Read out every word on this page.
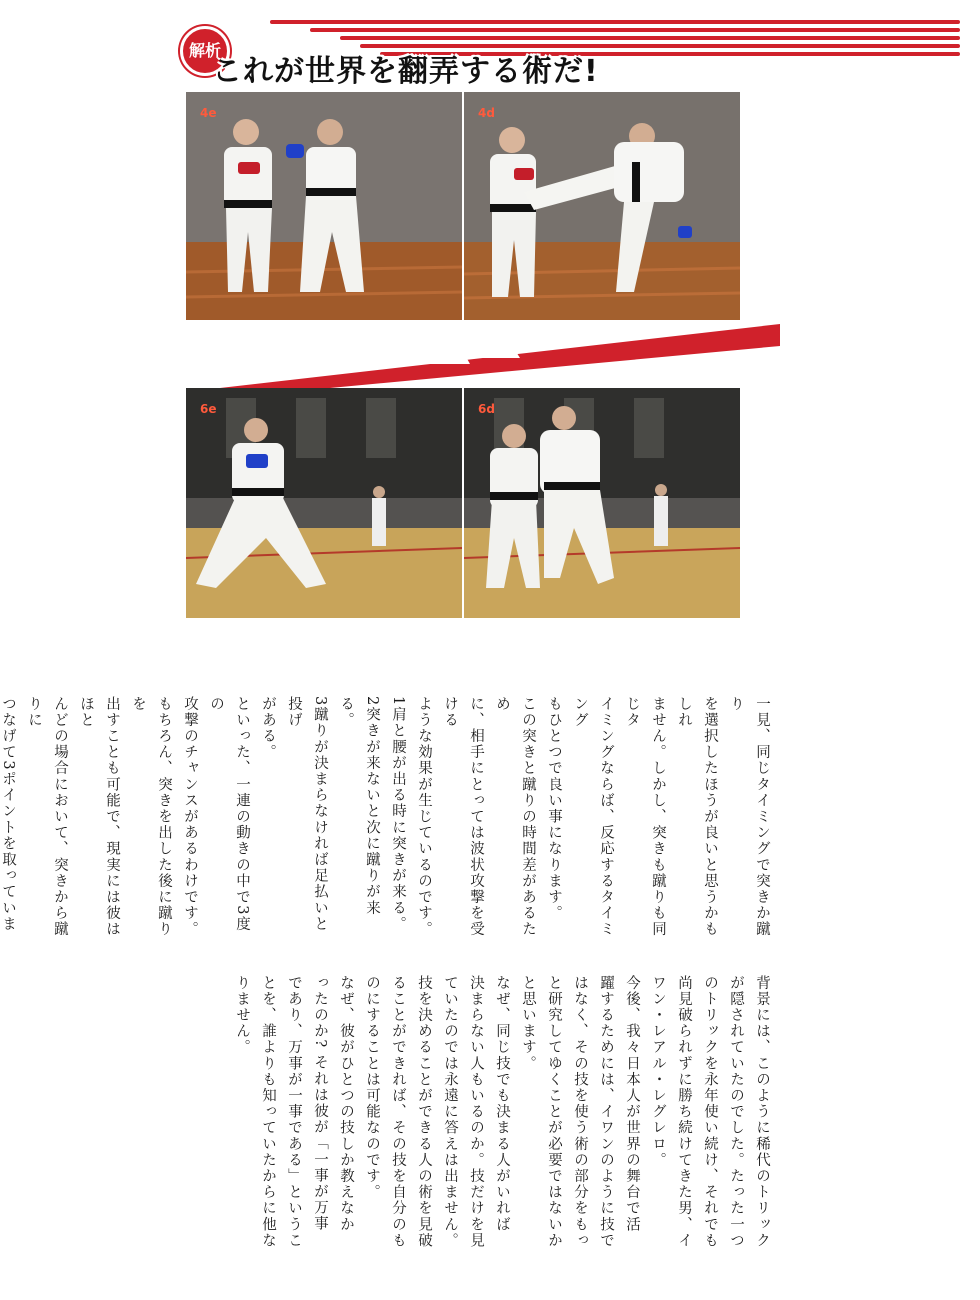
解析
これが世界を翻弄する術だ!
4e	4d
6e	6d

一見、同じタイミングで突きか蹴り

を選択したほうが良いと思うかもしれ

ません。しかし、突きも蹴りも同じタ

イミングならば、反応するタイミング

もひとつで良い事になります。

この突きと蹴りの時間差があるため

に、相手にとっては波状攻撃を受ける

ような効果が生じているのです。

1肩と腰が出る時に突きが来る。

2突きが来ないと次に蹴りが来る。

3蹴りが決まらなければ足払いと投げ

がある。

といった、一連の動きの中で3度の

攻撃のチャンスがあるわけです。

もちろん、突きを出した後に蹴りを

出すことも可能で、現実には彼はほと

んどの場合において、突きから蹴りに

つなげて3ポイントを取っていま

背景には、このように稀代のトリック

が隠されていたのでした。たった一つ

のトリックを永年使い続け、それでも

尚見破られずに勝ち続けてきた男、イ

ワン・レアル・レグレロ。

今後、我々日本人が世界の舞台で活

躍するためには、イワンのように技で

はなく、その技を使う術の部分をもっ

と研究してゆくことが必要ではないか

と思います。

なぜ、同じ技でも決まる人がいれば

決まらない人もいるのか。技だけを見

ていたのでは永遠に答えは出ません。

技を決めることができる人の術を見破

ることができれば、その技を自分のも

のにすることは可能なのです。

なぜ、彼がひとつの技しか教えなか

ったのか? それは彼が「一事が万事

であり、万事が一事である」というこ

とを、誰よりも知っていたからに他な

りません。
